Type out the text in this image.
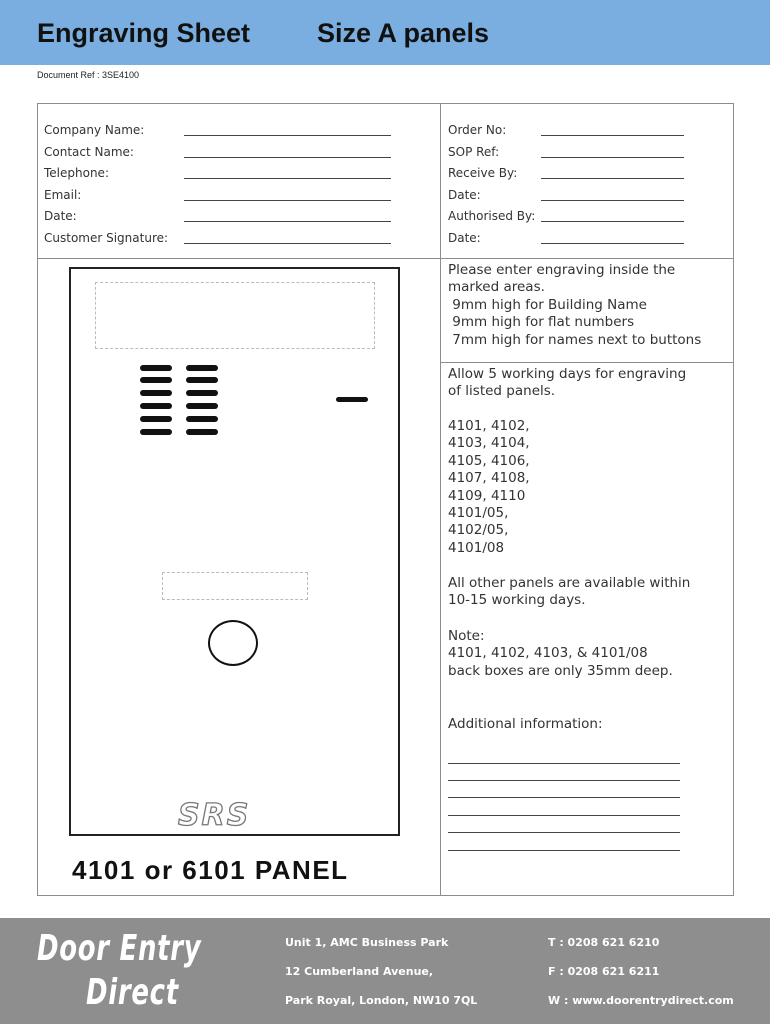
Engraving Sheet Size A panels
Document Ref : 3SE4100
Company Name:
Contact Name:
Telephone:
Email:
Date:
Customer Signature:
Order No:
SOP Ref:
Receive By:
Date:
Authorised By:
Date:
SRS
4101 or 6101 PANEL
Please enter engraving inside the
marked areas.
9mm high for Building Name
9mm high for flat numbers
7mm high for names next to buttons
Allow 5 working days for engraving
of listed panels.
4101, 4102,
4103, 4104,
4105, 4106,
4107, 4108,
4109, 4110
4101/05,
4102/05,
4101/08
All other panels are available within
10-15 working days.
Note:
4101, 4102, 4103, & 4101/08
back boxes are only 35mm deep.
Additional information:
Door Entry
Direct
Unit 1, AMC Business Park
12 Cumberland Avenue,
Park Royal, London, NW10 7QL
T : 0208 621 6210
F : 0208 621 6211
W : www.doorentrydirect.com
